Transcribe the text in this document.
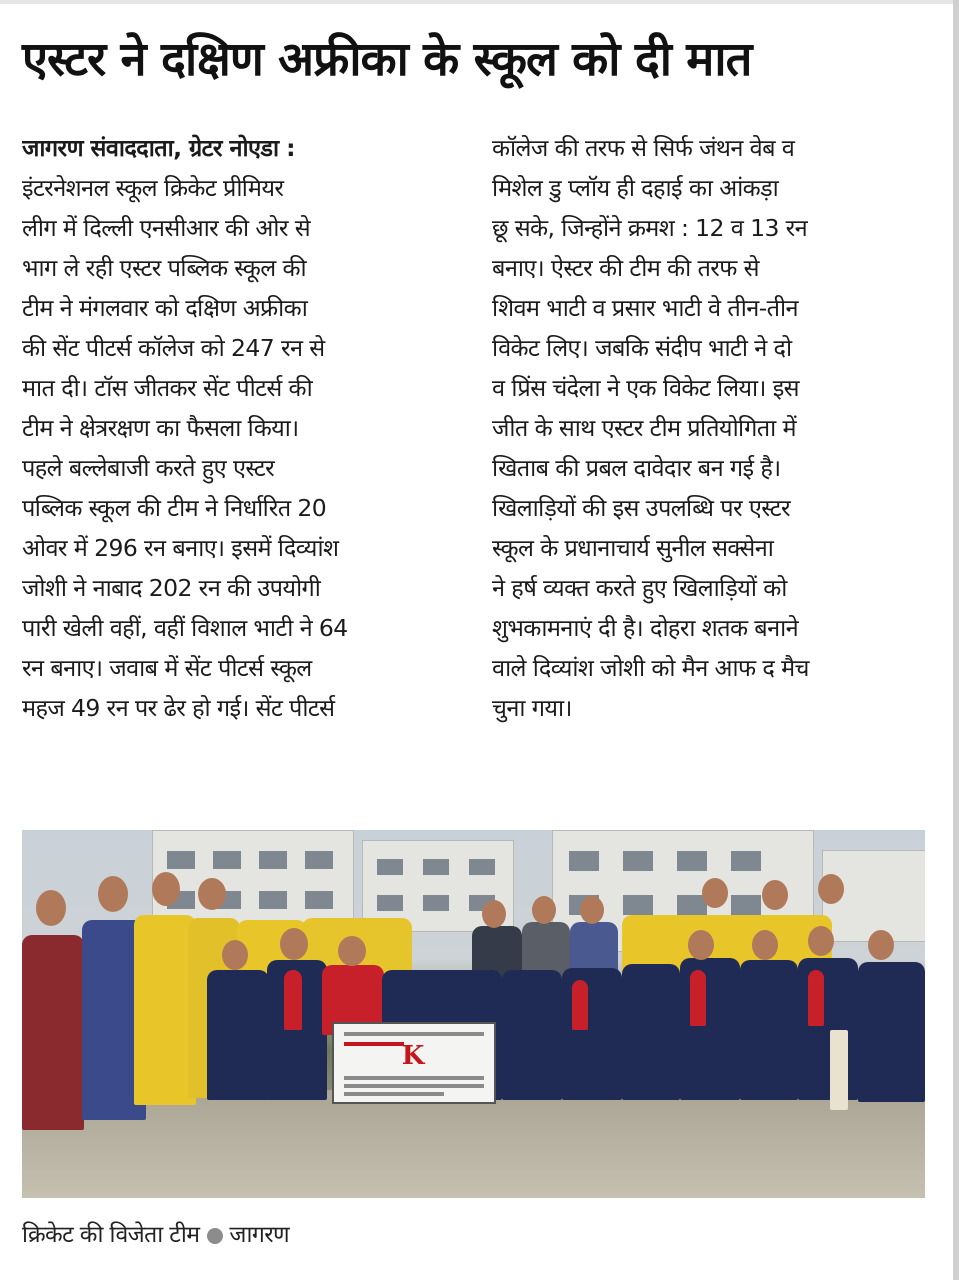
एस्टर ने दक्षिण अफ्रीका के स्कूल को दी मात
जागरण संवाददाता, ग्रेटर नोएडा :
इंटरनेशनल स्कूल क्रिकेट प्रीमियर
लीग में दिल्ली एनसीआर की ओर से
भाग ले रही एस्टर पब्लिक स्कूल की
टीम ने मंगलवार को दक्षिण अफ्रीका
की सेंट पीटर्स कॉलेज को 247 रन से
मात दी। टॉस जीतकर सेंट पीटर्स की
टीम ने क्षेत्ररक्षण का फैसला किया।
पहले बल्लेबाजी करते हुए एस्टर
पब्लिक स्कूल की टीम ने निर्धारित 20
ओवर में 296 रन बनाए। इसमें दिव्यांश
जोशी ने नाबाद 202 रन की उपयोगी
पारी खेली वहीं, वहीं विशाल भाटी ने 64
रन बनाए। जवाब में सेंट पीटर्स स्कूल
महज 49 रन पर ढेर हो गई। सेंट पीटर्स
कॉलेज की तरफ से सिर्फ जंथन वेब व
मिशेल डु प्लॉय ही दहाई का आंकड़ा
छू सके, जिन्होंने क्रमश : 12 व 13 रन
बनाए। ऐस्टर की टीम की तरफ से
शिवम भाटी व प्रसार भाटी वे तीन-तीन
विकेट लिए। जबकि संदीप भाटी ने दो
व प्रिंस चंदेला ने एक विकेट लिया। इस
जीत के साथ एस्टर टीम प्रतियोगिता में
खिताब की प्रबल दावेदार बन गई है।
खिलाड़ियों की इस उपलब्धि पर एस्टर
स्कूल के प्रधानाचार्य सुनील सक्सेना
ने हर्ष व्यक्त करते हुए खिलाड़ियों को
शुभकामनाएं दी है। दोहरा शतक बनाने
वाले दिव्यांश जोशी को मैन आफ द मैच
चुना गया।
K
क्रिकेट की विजेता टीम जागरण
